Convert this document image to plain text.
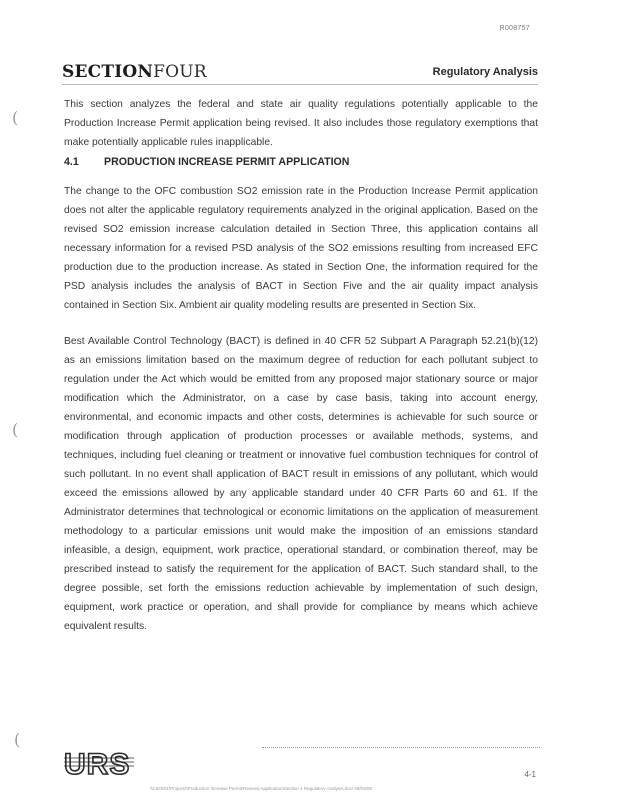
R008757
SECTIONFOUR	Regulatory Analysis
(
(
(

This section analyzes the federal and state air quality regulations potentially applicable to the Production Increase Permit application being revised. It also includes those regulatory exemptions that make potentially applicable rules inapplicable.

4.1 PRODUCTION INCREASE PERMIT APPLICATION

The change to the OFC combustion SO2 emission rate in the Production Increase Permit application does not alter the applicable regulatory requirements analyzed in the original application. Based on the revised SO2 emission increase calculation detailed in Section Three, this application contains all necessary information for a revised PSD analysis of the SO2 emissions resulting from increased EFC production due to the production increase. As stated in Section One, the information required for the PSD analysis includes the analysis of BACT in Section Five and the air quality impact analysis contained in Section Six. Ambient air quality modeling results are presented in Section Six.

Best Available Control Technology (BACT) is defined in 40 CFR 52 Subpart A Paragraph 52.21(b)(12) as an emissions limitation based on the maximum degree of reduction for each pollutant subject to regulation under the Act which would be emitted from any proposed major stationary source or major modification which the Administrator, on a case by case basis, taking into account energy, environmental, and economic impacts and other costs, determines is achievable for such source or modification through application of production processes or available methods, systems, and techniques, including fuel cleaning or treatment or innovative fuel combustion techniques for control of such pollutant. In no event shall application of BACT result in emissions of any pollutant, which would exceed the emissions allowed by any applicable standard under 40 CFR Parts 60 and 61. If the Administrator determines that technological or economic limitations on the application of measurement methodology to a particular emissions unit would make the imposition of an emissions standard infeasible, a design, equipment, work practice, operational standard, or combination thereof, may be prescribed instead to satisfy the requirement for the application of BACT. Such standard shall, to the degree possible, set forth the emissions reduction achievable by implementation of such design, equipment, work practice or operation, and shall provide for compliance by means which achieve equivalent results.

URS	4-1
\\Cdsfs01\Projects\Production Increase Permit\Revised Application\Section 4 Regulatory Analysis.doc\ 06/03/08
